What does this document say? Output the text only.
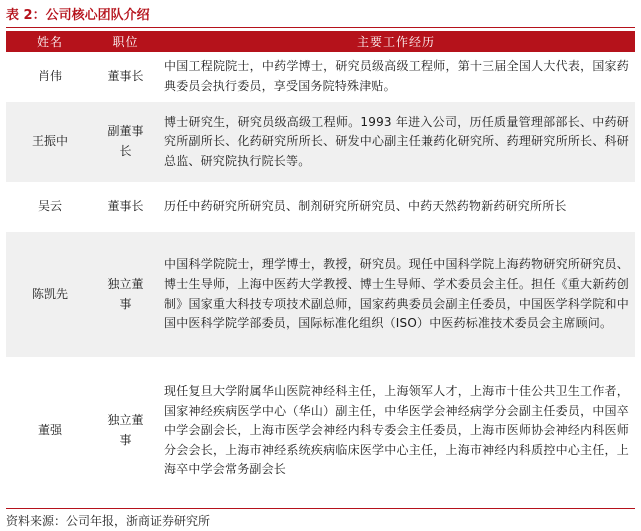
表 2：公司核心团队介绍
姓名	职位	主要工作经历
肖伟	董事长	中国工程院院士，中药学博士，研究员级高级工程师，第十三届全国人大代表，国家药典委员会执行委员，享受国务院特殊津贴。
王振中	副董事长	博士研究生，研究员级高级工程师。1993 年进入公司，历任质量管理部部长、中药研究所副所长、化药研究所所长、研发中心副主任兼药化研究所、药理研究所所长、科研总监、研究院执行院长等。
吴云	董事长	历任中药研究所研究员、制剂研究所研究员、中药天然药物新药研究所所长
陈凯先	独立董事	中国科学院院士，理学博士，教授，研究员。现任中国科学院上海药物研究所研究员、博士生导师，上海中医药大学教授、博士生导师、学术委员会主任。担任《重大新药创制》国家重大科技专项技术副总师，国家药典委员会副主任委员，中国医学科学院和中国中医科学院学部委员，国际标准化组织（ISO）中医药标准技术委员会主席顾问。
董强	独立董事	现任复旦大学附属华山医院神经科主任，上海领军人才，上海市十佳公共卫生工作者，国家神经疾病医学中心（华山）副主任，中华医学会神经病学分会副主任委员，中国卒中学会副会长，上海市医学会神经内科专委会主任委员，上海市医师协会神经内科医师分会会长，上海市神经系统疾病临床医学中心主任，上海市神经内科质控中心主任，上海卒中学会常务副会长
资料来源：公司年报，浙商证券研究所
